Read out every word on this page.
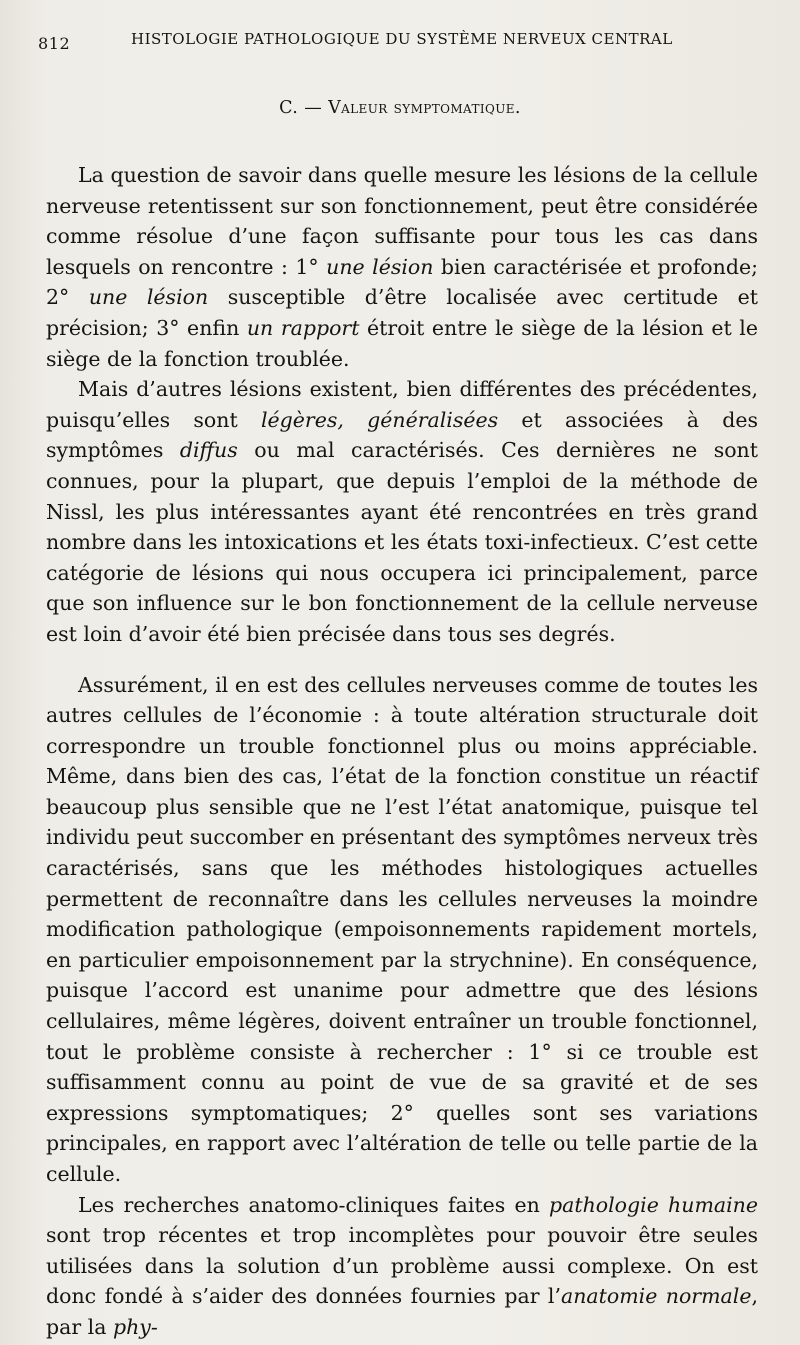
812	HISTOLOGIE PATHOLOGIQUE DU SYSTÈME NERVEUX CENTRAL
C. — Valeur symptomatique.

La question de savoir dans quelle mesure les lésions de la cellule nerveuse retentissent sur son fonctionnement, peut être considérée comme résolue d’une façon suffisante pour tous les cas dans lesquels on rencontre : 1° une lésion bien caractérisée et profonde; 2° une lésion susceptible d’être localisée avec certitude et précision; 3° enfin un rapport étroit entre le siège de la lésion et le siège de la fonction troublée.

Mais d’autres lésions existent, bien différentes des précédentes, puisqu’elles sont légères, généralisées et associées à des symptômes diffus ou mal caractérisés. Ces dernières ne sont connues, pour la plupart, que depuis l’emploi de la méthode de Nissl, les plus intéressantes ayant été rencontrées en très grand nombre dans les intoxications et les états toxi-infectieux. C’est cette catégorie de lésions qui nous occupera ici principalement, parce que son influence sur le bon fonctionnement de la cellule nerveuse est loin d’avoir été bien précisée dans tous ses degrés.

Assurément, il en est des cellules nerveuses comme de toutes les autres cellules de l’économie : à toute altération structurale doit correspondre un trouble fonctionnel plus ou moins appréciable. Même, dans bien des cas, l’état de la fonction constitue un réactif beaucoup plus sensible que ne l’est l’état anatomique, puisque tel individu peut succomber en présentant des symptômes nerveux très caractérisés, sans que les méthodes histologiques actuelles permettent de reconnaître dans les cellules nerveuses la moindre modification pathologique (empoisonnements rapidement mortels, en particulier empoisonnement par la strychnine). En conséquence, puisque l’accord est unanime pour admettre que des lésions cellulaires, même légères, doivent entraîner un trouble fonctionnel, tout le problème consiste à rechercher : 1° si ce trouble est suffisamment connu au point de vue de sa gravité et de ses expressions symptomatiques; 2° quelles sont ses variations principales, en rapport avec l’altération de telle ou telle partie de la cellule.

Les recherches anatomo-cliniques faites en pathologie humaine sont trop récentes et trop incomplètes pour pouvoir être seules utilisées dans la solution d’un problème aussi complexe. On est donc fondé à s’aider des données fournies par l’anatomie normale, par la phy-
